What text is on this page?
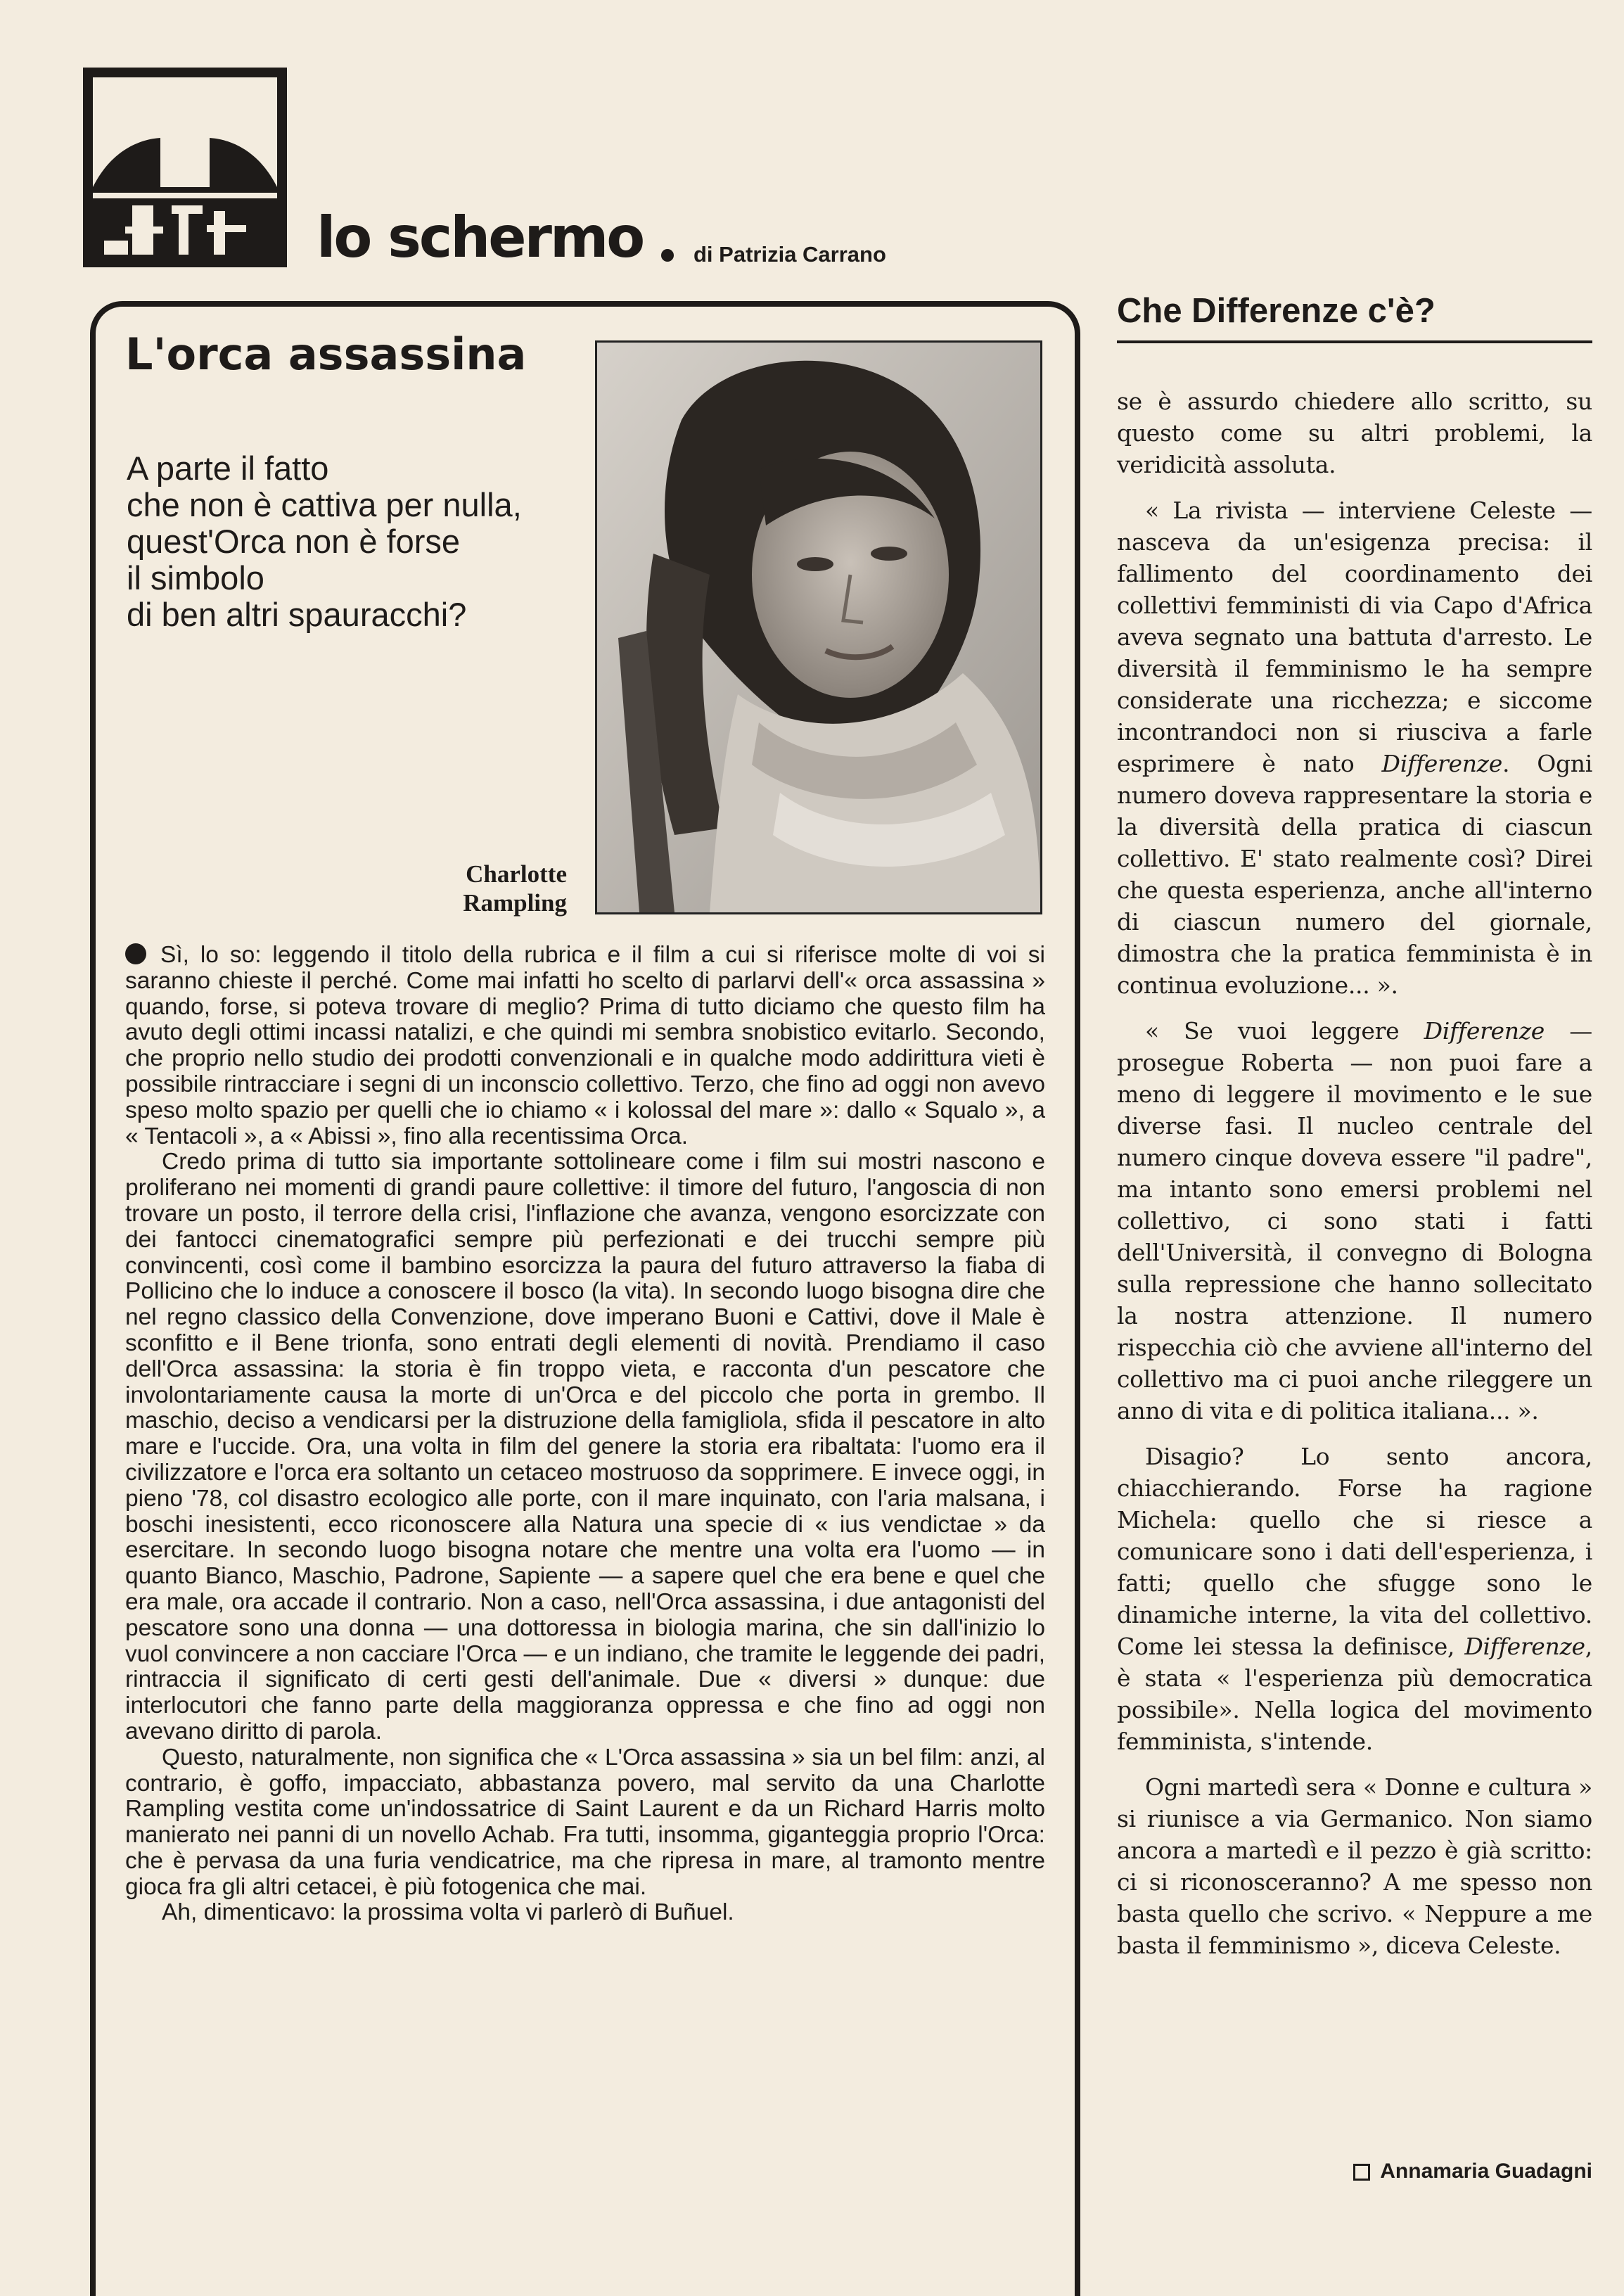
lo schermo di Patrizia Carrano
L'orca assassina

A parte il fatto
che non è cattiva per nulla,
quest'Orca non è forse
il simbolo
di ben altri spauracchi?

Charlotte
Rampling

Sì, lo so: leggendo il titolo della rubrica e il film a cui si riferisce molte di voi si saranno chieste il perché. Come mai infatti ho scelto di parlarvi dell'« orca assassina » quando, forse, si poteva trovare di meglio? Prima di tutto diciamo che questo film ha avuto degli ottimi incassi natalizi, e che quindi mi sembra snobistico evitarlo. Secondo, che proprio nello studio dei prodotti convenzionali e in qualche modo addirittura vieti è possibile rintracciare i segni di un inconscio collettivo. Terzo, che fino ad oggi non avevo speso molto spazio per quelli che io chiamo « i kolossal del mare »: dallo « Squalo », a « Tentacoli », a « Abissi », fino alla recentissima Orca.

Credo prima di tutto sia importante sottolineare come i film sui mostri nascono e proliferano nei momenti di grandi paure collettive: il timore del futuro, l'angoscia di non trovare un posto, il terrore della crisi, l'inflazione che avanza, vengono esorcizzate con dei fantocci cinematografici sempre più perfezionati e dei trucchi sempre più convincenti, così come il bambino esorcizza la paura del futuro attraverso la fiaba di Pollicino che lo induce a conoscere il bosco (la vita). In secondo luogo bisogna dire che nel regno classico della Convenzione, dove imperano Buoni e Cattivi, dove il Male è sconfitto e il Bene trionfa, sono entrati degli elementi di novità. Prendiamo il caso dell'Orca assassina: la storia è fin troppo vieta, e racconta d'un pescatore che involontariamente causa la morte di un'Orca e del piccolo che porta in grembo. Il maschio, deciso a vendicarsi per la distruzione della famigliola, sfida il pescatore in alto mare e l'uccide. Ora, una volta in film del genere la storia era ribaltata: l'uomo era il civilizzatore e l'orca era soltanto un cetaceo mostruoso da sopprimere. E invece oggi, in pieno '78, col disastro ecologico alle porte, con il mare inquinato, con l'aria malsana, i boschi inesistenti, ecco riconoscere alla Natura una specie di « ius vendictae » da esercitare. In secondo luogo bisogna notare che mentre una volta era l'uomo — in quanto Bianco, Maschio, Padrone, Sapiente — a sapere quel che era bene e quel che era male, ora accade il contrario. Non a caso, nell'Orca assassina, i due antagonisti del pescatore sono una donna — una dottoressa in biologia marina, che sin dall'inizio lo vuol convincere a non cacciare l'Orca — e un indiano, che tramite le leggende dei padri, rintraccia il significato di certi gesti dell'animale. Due « diversi » dunque: due interlocutori che fanno parte della maggioranza oppressa e che fino ad oggi non avevano diritto di parola.

Questo, naturalmente, non significa che « L'Orca assassina » sia un bel film: anzi, al contrario, è goffo, impacciato, abbastanza povero, mal servito da una Charlotte Rampling vestita come un'indossatrice di Saint Laurent e da un Richard Harris molto manierato nei panni di un novello Achab. Fra tutti, insomma, giganteggia proprio l'Orca: che è pervasa da una furia vendicatrice, ma che ripresa in mare, al tramonto mentre gioca fra gli altri cetacei, è più fotogenica che mai.

Ah, dimenticavo: la prossima volta vi parlerò di Buñuel.

Che Differenze c'è?

se è assurdo chiedere allo scritto, su questo come su altri problemi, la veridicità assoluta.

« La rivista — interviene Celeste — nasceva da un'esigenza precisa: il fallimento del coordinamento dei collettivi femministi di via Capo d'Africa aveva segnato una battuta d'arresto. Le diversità il femminismo le ha sempre considerate una ricchezza; e siccome incontrandoci non si riusciva a farle esprimere è nato Differenze. Ogni numero doveva rappresentare la storia e la diversità della pratica di ciascun collettivo. E' stato realmente così? Direi che questa esperienza, anche all'interno di ciascun numero del giornale, dimostra che la pratica femminista è in continua evoluzione... ».

« Se vuoi leggere Differenze — prosegue Roberta — non puoi fare a meno di leggere il movimento e le sue diverse fasi. Il nucleo centrale del numero cinque doveva essere "il padre", ma intanto sono emersi problemi nel collettivo, ci sono stati i fatti dell'Università, il convegno di Bologna sulla repressione che hanno sollecitato la nostra attenzione. Il numero rispecchia ciò che avviene all'interno del collettivo ma ci puoi anche rileggere un anno di vita e di politica italiana... ».

Disagio? Lo sento ancora, chiacchierando. Forse ha ragione Michela: quello che si riesce a comunicare sono i dati dell'esperienza, i fatti; quello che sfugge sono le dinamiche interne, la vita del collettivo. Come lei stessa la definisce, Differenze, è stata « l'esperienza più democratica possibile». Nella logica del movimento femminista, s'intende.

Ogni martedì sera « Donne e cultura » si riunisce a via Germanico. Non siamo ancora a martedì e il pezzo è già scritto: ci si riconosceranno? A me spesso non basta quello che scrivo. « Neppure a me basta il femminismo », diceva Celeste.

Annamaria Guadagni
